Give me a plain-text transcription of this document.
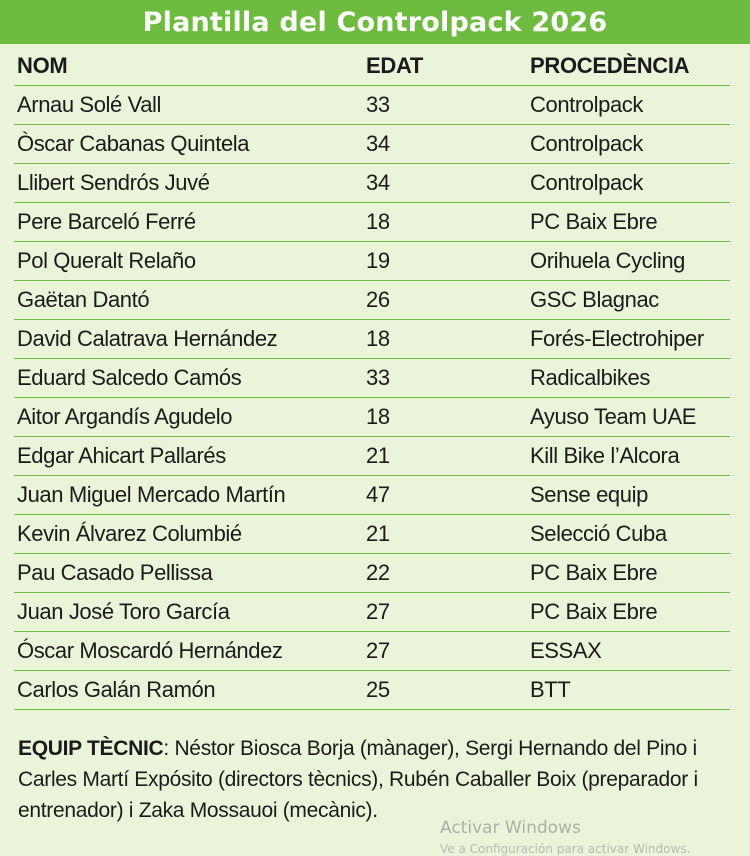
Plantilla del Controlpack 2026
NOM	EDAT	PROCEDÈNCIA
Arnau Solé Vall	33	Controlpack
Òscar Cabanas Quintela	34	Controlpack
Llibert Sendrós Juvé	34	Controlpack
Pere Barceló Ferré	18	PC Baix Ebre
Pol Queralt Relaño	19	Orihuela Cycling
Gaëtan Dantó	26	GSC Blagnac
David Calatrava Hernández	18	Forés-Electrohiper
Eduard Salcedo Camós	33	Radicalbikes
Aitor Argandís Agudelo	18	Ayuso Team UAE
Edgar Ahicart Pallarés	21	Kill Bike l’Alcora
Juan Miguel Mercado Martín	47	Sense equip
Kevin Álvarez Columbié	21	Selecció Cuba
Pau Casado Pellissa	22	PC Baix Ebre
Juan José Toro García	27	PC Baix Ebre
Óscar Moscardó Hernández	27	ESSAX
Carlos Galán Ramón	25	BTT
EQUIP TÈCNIC: Néstor Biosca Borja (mànager), Sergi Hernando del Pino i Carles Martí Expósito (directors tècnics), Rubén Caballer Boix (preparador i entrenador) i Zaka Mossauoi (mecànic).
Activar Windows
Ve a Configuración para activar Windows.
